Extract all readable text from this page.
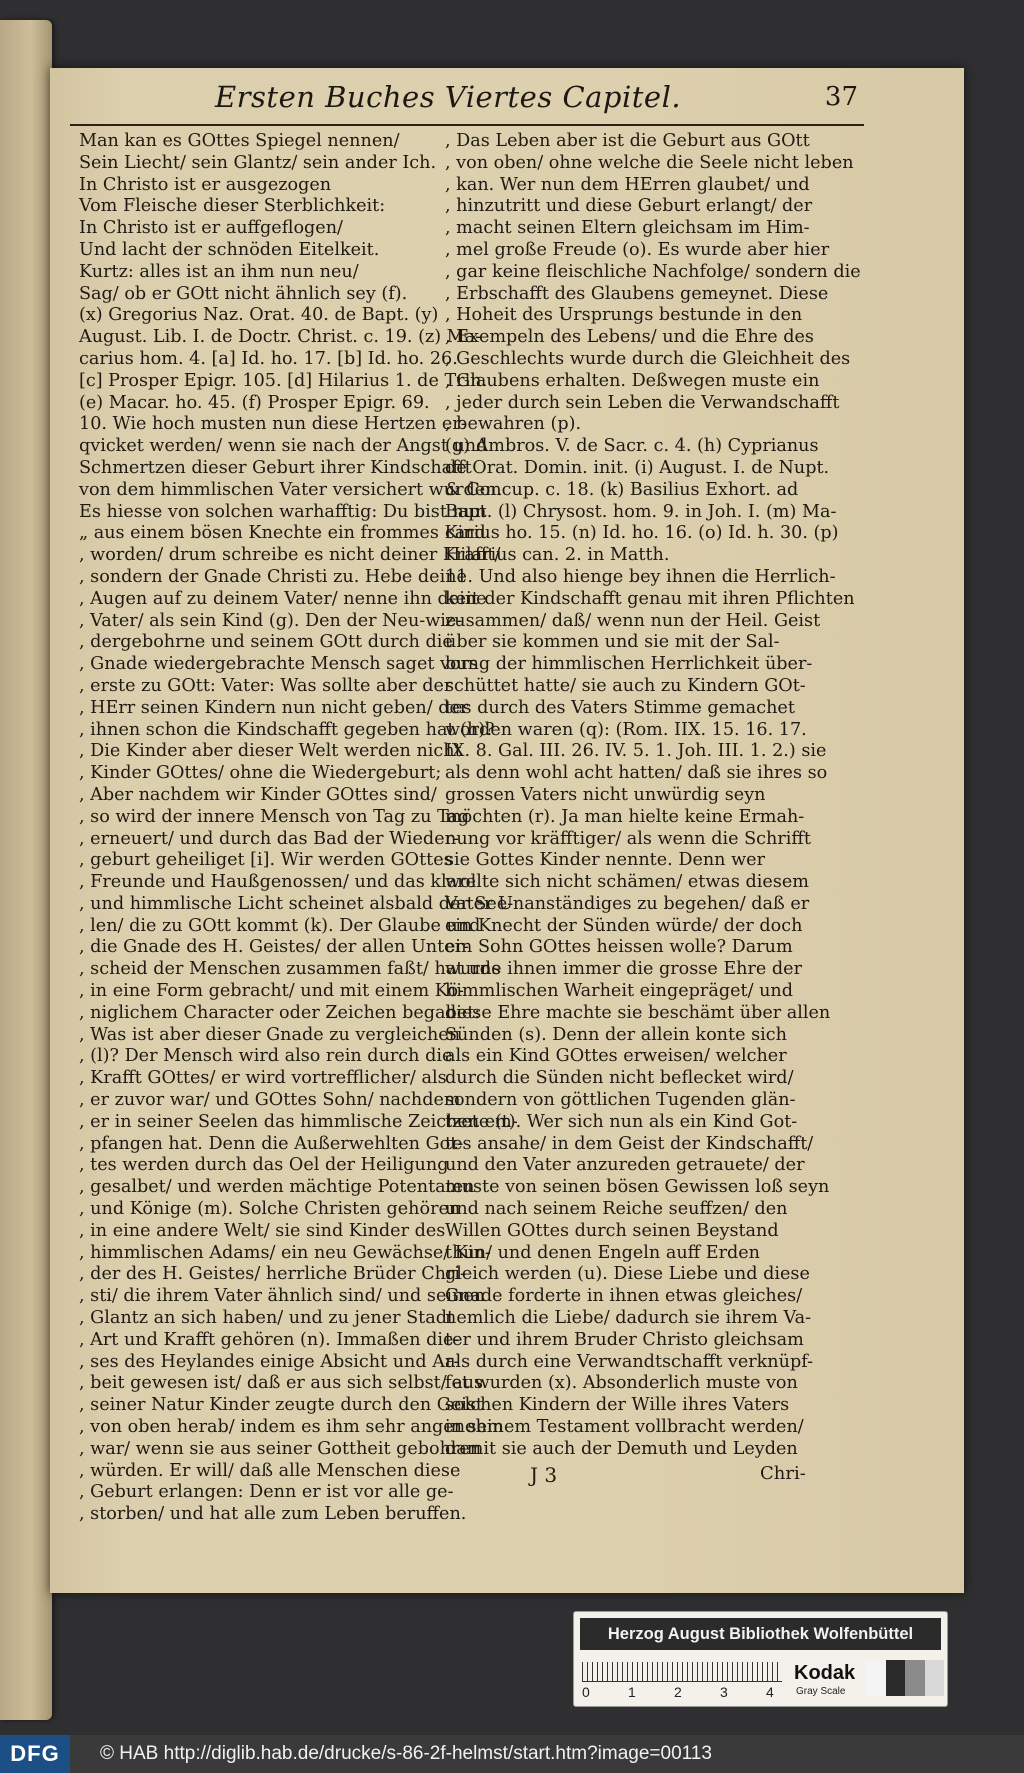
Ersten Buches Viertes Capitel.	37
Man kan es GOttes Spiegel nennen/
Sein Liecht/ sein Glantz/ sein ander Ich.
In Christo ist er ausgezogen
Vom Fleische dieser Sterblichkeit:
In Christo ist er auffgeflogen/
Und lacht der schnöden Eitelkeit.
Kurtz: alles ist an ihm nun neu/
Sag/ ob er GOtt nicht ähnlich sey (f).
(x) Gregorius Naz. Orat. 40. de Bapt. (y)
August. Lib. I. de Doctr. Christ. c. 19. (z) Ma-
carius hom. 4. [a] Id. ho. 17. [b] Id. ho. 26.
[c] Prosper Epigr. 105. [d] Hilarius 1. de Trin.
(e) Macar. ho. 45. (f) Prosper Epigr. 69.
10. Wie hoch musten nun diese Hertzen er-
qvicket werden/ wenn sie nach der Angst und
Schmertzen dieser Geburt ihrer Kindschafft
von dem himmlischen Vater versichert wurden.
Es hiesse von solchen warhafftig: Du bist nun
„ aus einem bösen Knechte ein frommes Kind
, worden/ drum schreibe es nicht deiner Krafft/
, sondern der Gnade Christi zu. Hebe deine
, Augen auf zu deinem Vater/ nenne ihn deine
, Vater/ als sein Kind (g). Den der Neu-wie-
, dergebohrne und seinem GOtt durch die
, Gnade wiedergebrachte Mensch saget vors
, erste zu GOtt: Vater: Was sollte aber der
, HErr seinen Kindern nun nicht geben/ der
, ihnen schon die Kindschafft gegeben hat (h)?
, Die Kinder aber dieser Welt werden nicht
, Kinder GOttes/ ohne die Wiedergeburt;
, Aber nachdem wir Kinder GOttes sind/
, so wird der innere Mensch von Tag zu Tag
, erneuert/ und durch das Bad der Wieder-
, geburt geheiliget [i]. Wir werden GOttes
, Freunde und Haußgenossen/ und das klare
, und himmlische Licht scheinet alsbald der See-
, len/ die zu GOtt kommt (k). Der Glaube und
, die Gnade des H. Geistes/ der allen Unter-
, scheid der Menschen zusammen faßt/ hat uns
, in eine Form gebracht/ und mit einem Kö-
, niglichem Character oder Zeichen begabet:
, Was ist aber dieser Gnade zu vergleichen
, (l)? Der Mensch wird also rein durch die
, Krafft GOttes/ er wird vortrefflicher/ als
, er zuvor war/ und GOttes Sohn/ nachdem
, er in seiner Seelen das himmlische Zeichen em-
, pfangen hat. Denn die Außerwehlten Got-
, tes werden durch das Oel der Heiligung
, gesalbet/ und werden mächtige Potentaten
, und Könige (m). Solche Christen gehören
, in eine andere Welt/ sie sind Kinder des
, himmlischen Adams/ ein neu Gewächse/ Kin-
, der des H. Geistes/ herrliche Brüder Chri-
, sti/ die ihrem Vater ähnlich sind/ und seinen
, Glantz an sich haben/ und zu jener Stadt
, Art und Krafft gehören (n). Immaßen die-
, ses des Heylandes einige Absicht und Ar-
, beit gewesen ist/ daß er aus sich selbst/ aus
, seiner Natur Kinder zeugte durch den Geist
, von oben herab/ indem es ihm sehr angenehm
, war/ wenn sie aus seiner Gottheit gebohren
, würden. Er will/ daß alle Menschen diese
, Geburt erlangen: Denn er ist vor alle ge-
, storben/ und hat alle zum Leben beruffen.
, Das Leben aber ist die Geburt aus GOtt
, von oben/ ohne welche die Seele nicht leben
, kan. Wer nun dem HErren glaubet/ und
, hinzutritt und diese Geburt erlangt/ der
, macht seinen Eltern gleichsam im Him-
, mel große Freude (o). Es wurde aber hier
, gar keine fleischliche Nachfolge/ sondern die
, Erbschafft des Glaubens gemeynet. Diese
, Hoheit des Ursprungs bestunde in den
, Exempeln des Lebens/ und die Ehre des
, Geschlechts wurde durch die Gleichheit des
, Glaubens erhalten. Deßwegen muste ein
, jeder durch sein Leben die Verwandschafft
, bewahren (p).
(g) Ambros. V. de Sacr. c. 4. (h) Cyprianus
de Orat. Domin. init. (i) August. I. de Nupt.
& Concup. c. 18. (k) Basilius Exhort. ad
Bapt. (l) Chrysost. hom. 9. in Joh. I. (m) Ma-
carius ho. 15. (n) Id. ho. 16. (o) Id. h. 30. (p)
Hilarius can. 2. in Matth.
11. Und also hienge bey ihnen die Herrlich-
keit der Kindschafft genau mit ihren Pflichten
zusammen/ daß/ wenn nun der Heil. Geist
über sie kommen und sie mit der Sal-
bung der himmlischen Herrlichkeit über-
schüttet hatte/ sie auch zu Kindern GOt-
tes durch des Vaters Stimme gemachet
worden waren (q): (Rom. IIX. 15. 16. 17.
IX. 8. Gal. III. 26. IV. 5. 1. Joh. III. 1. 2.) sie
als denn wohl acht hatten/ daß sie ihres so
grossen Vaters nicht unwürdig seyn
möchten (r). Ja man hielte keine Ermah-
nung vor kräfftiger/ als wenn die Schrifft
sie Gottes Kinder nennte. Denn wer
wollte sich nicht schämen/ etwas diesem
Vater Unanständiges zu begehen/ daß er
ein Knecht der Sünden würde/ der doch
ein Sohn GOttes heissen wolle? Darum
wurde ihnen immer die grosse Ehre der
himmlischen Warheit eingepräget/ und
diese Ehre machte sie beschämt über allen
Sünden (s). Denn der allein konte sich
als ein Kind GOttes erweisen/ welcher
durch die Sünden nicht beflecket wird/
sondern von göttlichen Tugenden glän-
tzete (t). Wer sich nun als ein Kind Got-
tes ansahe/ in dem Geist der Kindschafft/
und den Vater anzureden getrauete/ der
muste von seinen bösen Gewissen loß seyn
und nach seinem Reiche seuffzen/ den
Willen GOttes durch seinen Beystand
thun/ und denen Engeln auff Erden
gleich werden (u). Diese Liebe und diese
Gnade forderte in ihnen etwas gleiches/
nemlich die Liebe/ dadurch sie ihrem Va-
ter und ihrem Bruder Christo gleichsam
als durch eine Verwandtschafft verknüpf-
fet wurden (x). Absonderlich muste von
solchen Kindern der Wille ihres Vaters
in seinem Testament vollbracht werden/
damit sie auch der Demuth und Leyden
J 3	Chri-
Herzog August Bibliothek Wolfenbüttel
0	1	2	3	4
Kodak
Gray Scale
DFG	© HAB http://diglib.hab.de/drucke/s-86-2f-helmst/start.htm?image=00113
